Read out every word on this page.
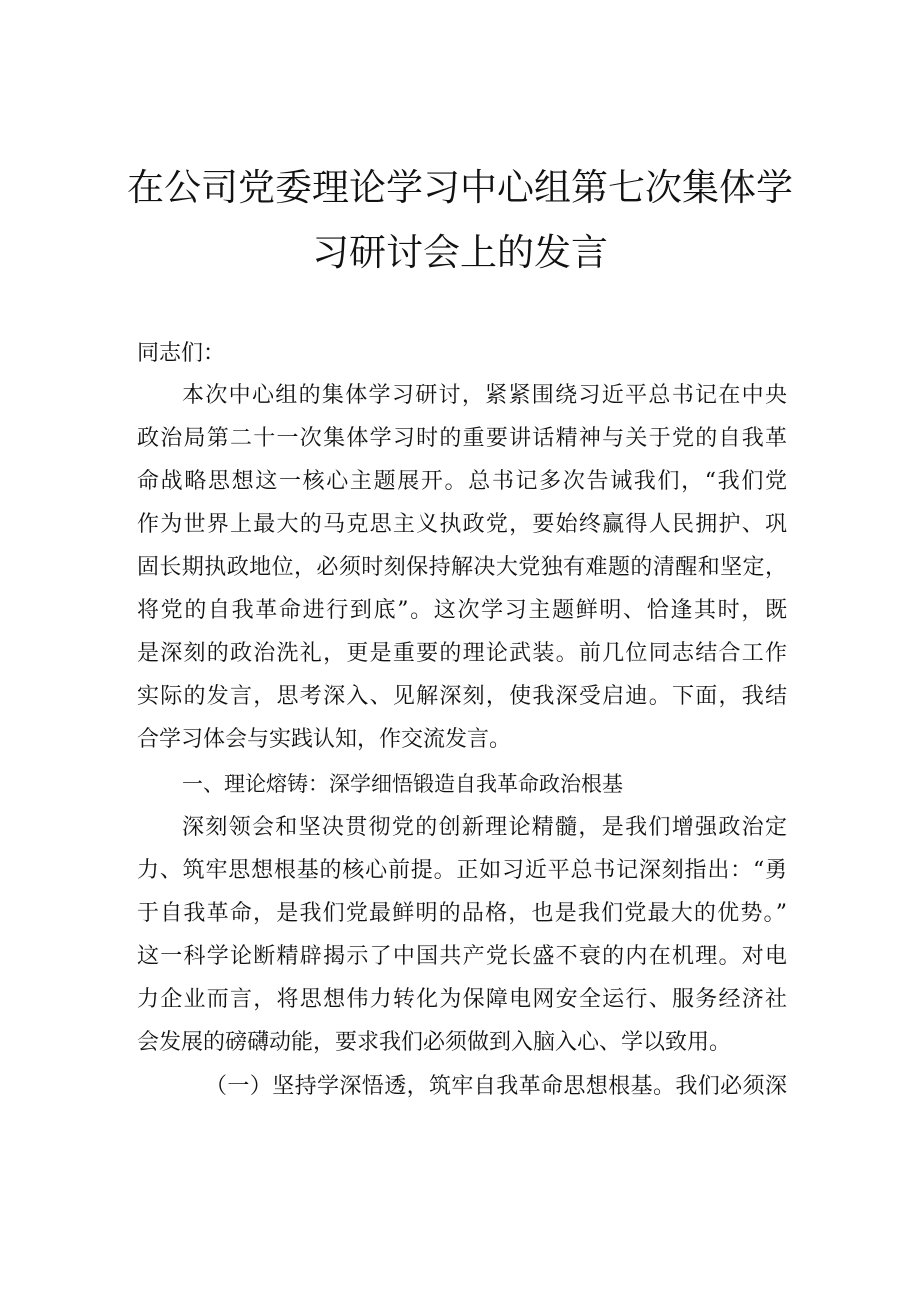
在公司党委理论学习中心组第七次集体学
习研讨会上的发言
同志们：
本次中心组的集体学习研讨，紧紧围绕习近平总书记在中央
政治局第二十一次集体学习时的重要讲话精神与关于党的自我革
命战略思想这一核心主题展开。总书记多次告诫我们，“我们党
作为世界上最大的马克思主义执政党，要始终赢得人民拥护、巩
固长期执政地位，必须时刻保持解决大党独有难题的清醒和坚定，
将党的自我革命进行到底”。这次学习主题鲜明、恰逢其时，既
是深刻的政治洗礼，更是重要的理论武装。前几位同志结合工作
实际的发言，思考深入、见解深刻，使我深受启迪。下面，我结
合学习体会与实践认知，作交流发言。
一、理论熔铸：深学细悟锻造自我革命政治根基
深刻领会和坚决贯彻党的创新理论精髓，是我们增强政治定
力、筑牢思想根基的核心前提。正如习近平总书记深刻指出：“勇
于自我革命，是我们党最鲜明的品格，也是我们党最大的优势。”
这一科学论断精辟揭示了中国共产党长盛不衰的内在机理。对电
力企业而言，将思想伟力转化为保障电网安全运行、服务经济社
会发展的磅礴动能，要求我们必须做到入脑入心、学以致用。
（一）坚持学深悟透，筑牢自我革命思想根基。我们必须深
